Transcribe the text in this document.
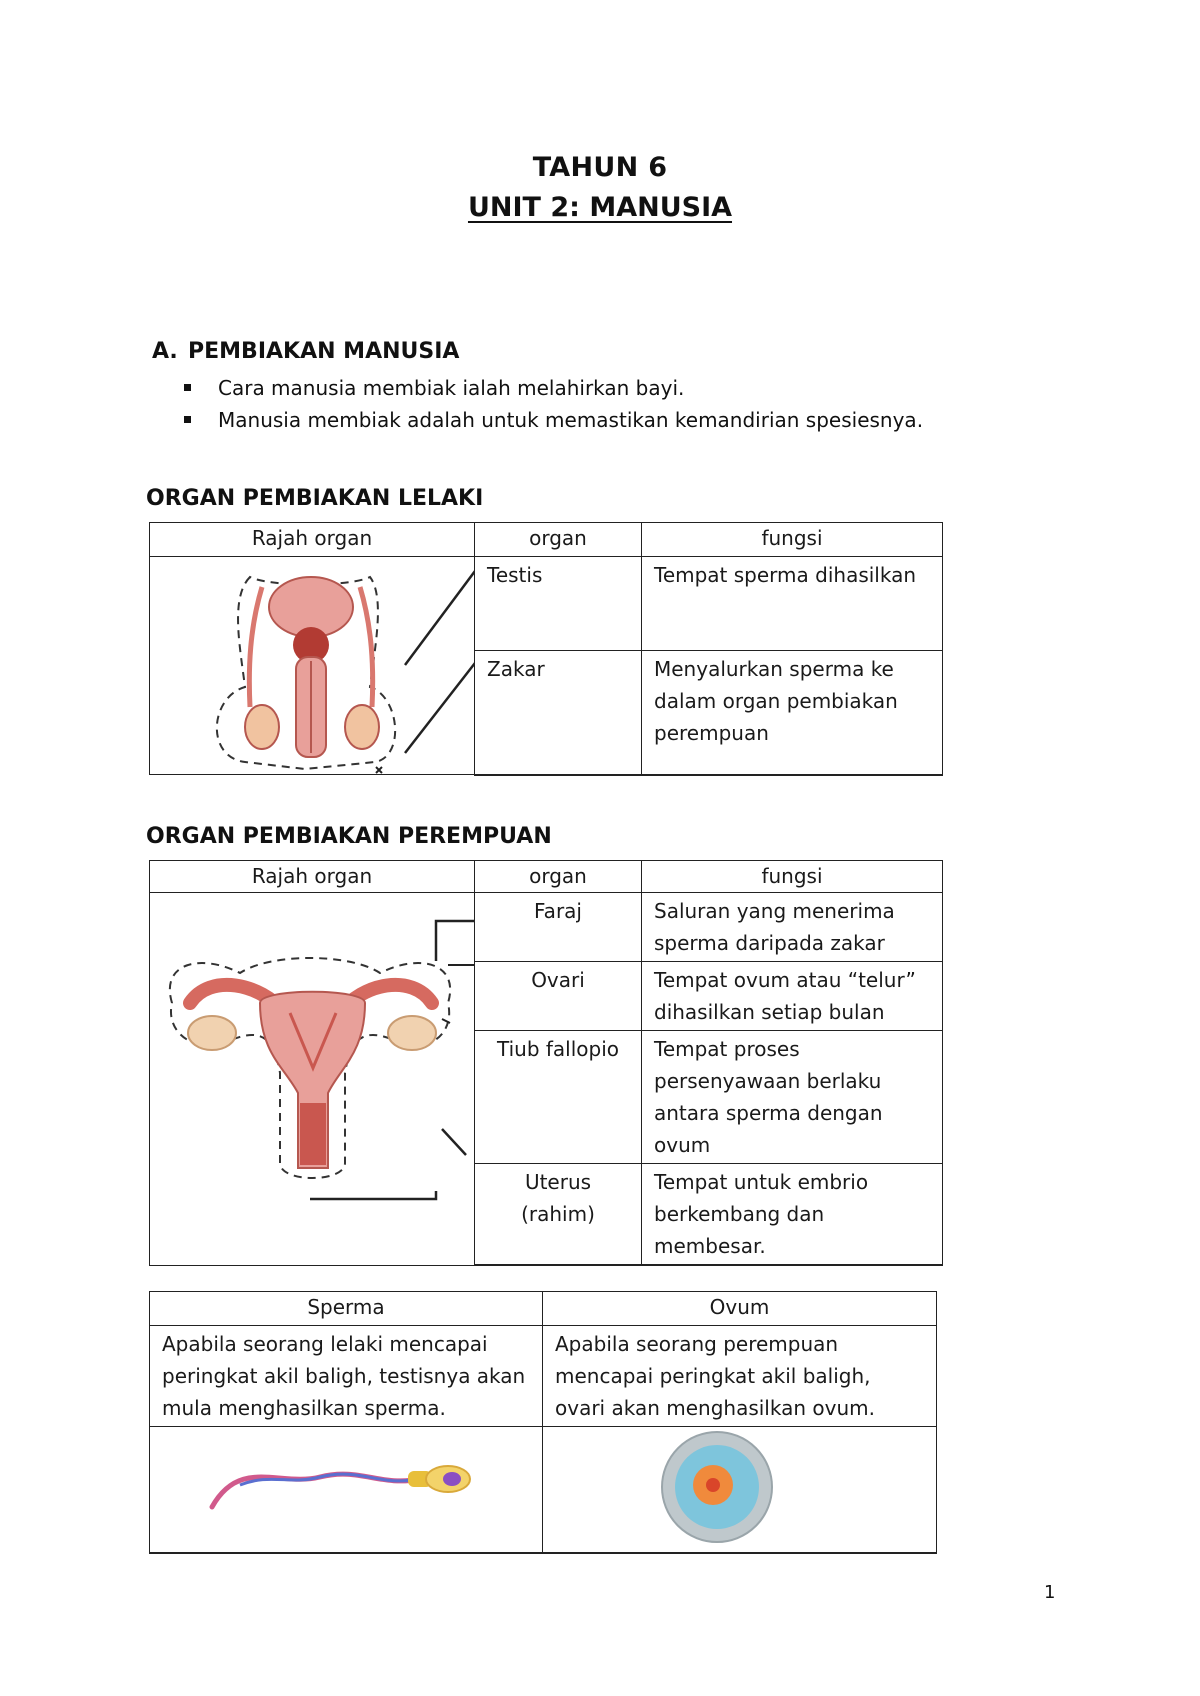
TAHUN 6
UNIT 2: MANUSIA
A. PEMBIAKAN MANUSIA
Cara manusia membiak ialah melahirkan bayi.
Manusia membiak adalah untuk memastikan kemandirian spesiesnya.
ORGAN PEMBIAKAN LELAKI
Rajah organ	organ	fungsi

	Testis	Tempat sperma dihasilkan
	Zakar	Menyalurkan sperma ke dalam organ pembiakan perempuan
ORGAN PEMBIAKAN PEREMPUAN
Rajah organ	organ	fungsi

	Faraj	Saluran yang menerima sperma daripada zakar
	Ovari	Tempat ovum atau “telur” dihasilkan setiap bulan
	Tiub fallopio	Tempat proses persenyawaan berlaku antara sperma dengan ovum
	Uterus (rahim)	Tempat untuk embrio berkembang dan membesar.
Sperma	Ovum
Apabila seorang lelaki mencapai peringkat akil baligh, testisnya akan mula menghasilkan sperma.	Apabila seorang perempuan mencapai peringkat akil baligh, ovari akan menghasilkan ovum.

1
